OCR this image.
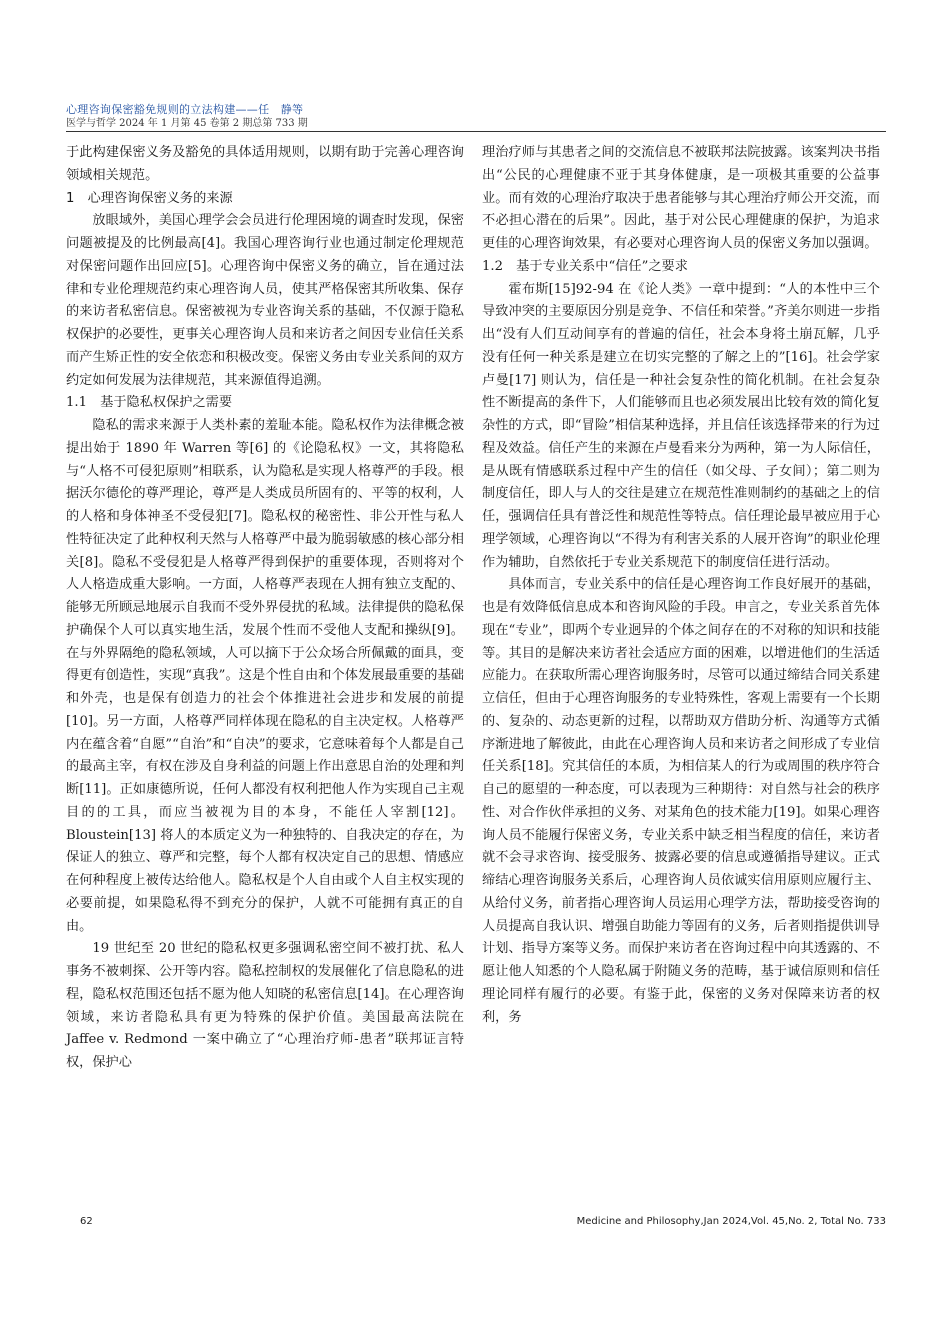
心理咨询保密豁免规则的立法构建——任　静等
医学与哲学 2024 年 1 月第 45 卷第 2 期总第 733 期

于此构建保密义务及豁免的具体适用规则，以期有助于完善心理咨询领域相关规范。

1　心理咨询保密义务的来源

放眼域外，美国心理学会会员进行伦理困境的调查时发现，保密问题被提及的比例最高[4]。我国心理咨询行业也通过制定伦理规范对保密问题作出回应[5]。心理咨询中保密义务的确立，旨在通过法律和专业伦理规范约束心理咨询人员，使其严格保密其所收集、保存的来访者私密信息。保密被视为专业咨询关系的基础，不仅源于隐私权保护的必要性，更事关心理咨询人员和来访者之间因专业信任关系而产生矫正性的安全依恋和积极改变。保密义务由专业关系间的双方约定如何发展为法律规范，其来源值得追溯。

1.1　基于隐私权保护之需要

隐私的需求来源于人类朴素的羞耻本能。隐私权作为法律概念被提出始于 1890 年 Warren 等[6] 的《论隐私权》一文，其将隐私与“人格不可侵犯原则”相联系，认为隐私是实现人格尊严的手段。根据沃尔德伦的尊严理论，尊严是人类成员所固有的、平等的权利，人的人格和身体神圣不受侵犯[7]。隐私权的秘密性、非公开性与私人性特征决定了此种权利天然与人格尊严中最为脆弱敏感的核心部分相关[8]。隐私不受侵犯是人格尊严得到保护的重要体现，否则将对个人人格造成重大影响。一方面，人格尊严表现在人拥有独立支配的、能够无所顾忌地展示自我而不受外界侵扰的私域。法律提供的隐私保护确保个人可以真实地生活，发展个性而不受他人支配和操纵[9]。在与外界隔绝的隐私领域，人可以摘下于公众场合所佩戴的面具，变得更有创造性，实现“真我”。这是个性自由和个体发展最重要的基础和外壳，也是保有创造力的社会个体推进社会进步和发展的前提[10]。另一方面，人格尊严同样体现在隐私的自主决定权。人格尊严内在蕴含着“自愿”“自治”和“自决”的要求，它意味着每个人都是自己的最高主宰，有权在涉及自身利益的问题上作出意思自治的处理和判断[11]。正如康德所说，任何人都没有权利把他人作为实现自己主观目的的工具，而应当被视为目的本身，不能任人宰割[12]。Bloustein[13] 将人的本质定义为一种独特的、自我决定的存在，为保证人的独立、尊严和完整，每个人都有权决定自己的思想、情感应在何种程度上被传达给他人。隐私权是个人自由或个人自主权实现的必要前提，如果隐私得不到充分的保护，人就不可能拥有真正的自由。

19 世纪至 20 世纪的隐私权更多强调私密空间不被打扰、私人事务不被刺探、公开等内容。隐私控制权的发展催化了信息隐私的进程，隐私权范围还包括不愿为他人知晓的私密信息[14]。在心理咨询领域，来访者隐私具有更为特殊的保护价值。美国最高法院在 Jaffee v. Redmond 一案中确立了“心理治疗师-患者”联邦证言特权，保护心

理治疗师与其患者之间的交流信息不被联邦法院披露。该案判决书指出“公民的心理健康不亚于其身体健康，是一项极其重要的公益事业。而有效的心理治疗取决于患者能够与其心理治疗师公开交流，而不必担心潜在的后果”。因此，基于对公民心理健康的保护，为追求更佳的心理咨询效果，有必要对心理咨询人员的保密义务加以强调。

1.2　基于专业关系中“信任”之要求

霍布斯[15]92-94 在《论人类》一章中提到：“人的本性中三个导致冲突的主要原因分别是竞争、不信任和荣誉。”齐美尔则进一步指出“没有人们互动间享有的普遍的信任，社会本身将土崩瓦解，几乎没有任何一种关系是建立在切实完整的了解之上的”[16]。社会学家卢曼[17] 则认为，信任是一种社会复杂性的简化机制。在社会复杂性不断提高的条件下，人们能够而且也必须发展出比较有效的简化复杂性的方式，即“冒险”相信某种选择，并且信任该选择带来的行为过程及效益。信任产生的来源在卢曼看来分为两种，第一为人际信任，是从既有情感联系过程中产生的信任（如父母、子女间）；第二则为制度信任，即人与人的交往是建立在规范性准则制约的基础之上的信任，强调信任具有普泛性和规范性等特点。信任理论最早被应用于心理学领域，心理咨询以“不得为有利害关系的人展开咨询”的职业伦理作为辅助，自然依托于专业关系规范下的制度信任进行活动。

具体而言，专业关系中的信任是心理咨询工作良好展开的基础，也是有效降低信息成本和咨询风险的手段。申言之，专业关系首先体现在“专业”，即两个专业迥异的个体之间存在的不对称的知识和技能等。其目的是解决来访者社会适应方面的困难，以增进他们的生活适应能力。在获取所需心理咨询服务时，尽管可以通过缔结合同关系建立信任，但由于心理咨询服务的专业特殊性，客观上需要有一个长期的、复杂的、动态更新的过程，以帮助双方借助分析、沟通等方式循序渐进地了解彼此，由此在心理咨询人员和来访者之间形成了专业信任关系[18]。究其信任的本质，为相信某人的行为或周围的秩序符合自己的愿望的一种态度，可以表现为三种期待：对自然与社会的秩序性、对合作伙伴承担的义务、对某角色的技术能力[19]。如果心理咨询人员不能履行保密义务，专业关系中缺乏相当程度的信任，来访者就不会寻求咨询、接受服务、披露必要的信息或遵循指导建议。正式缔结心理咨询服务关系后，心理咨询人员依诚实信用原则应履行主、从给付义务，前者指心理咨询人员运用心理学方法，帮助接受咨询的人员提高自我认识、增强自助能力等固有的义务，后者则指提供训导计划、指导方案等义务。而保护来访者在咨询过程中向其透露的、不愿让他人知悉的个人隐私属于附随义务的范畴，基于诚信原则和信任理论同样有履行的必要。有鉴于此，保密的义务对保障来访者的权利，务

62	Medicine and Philosophy,Jan 2024,Vol. 45,No. 2, Total No. 733
